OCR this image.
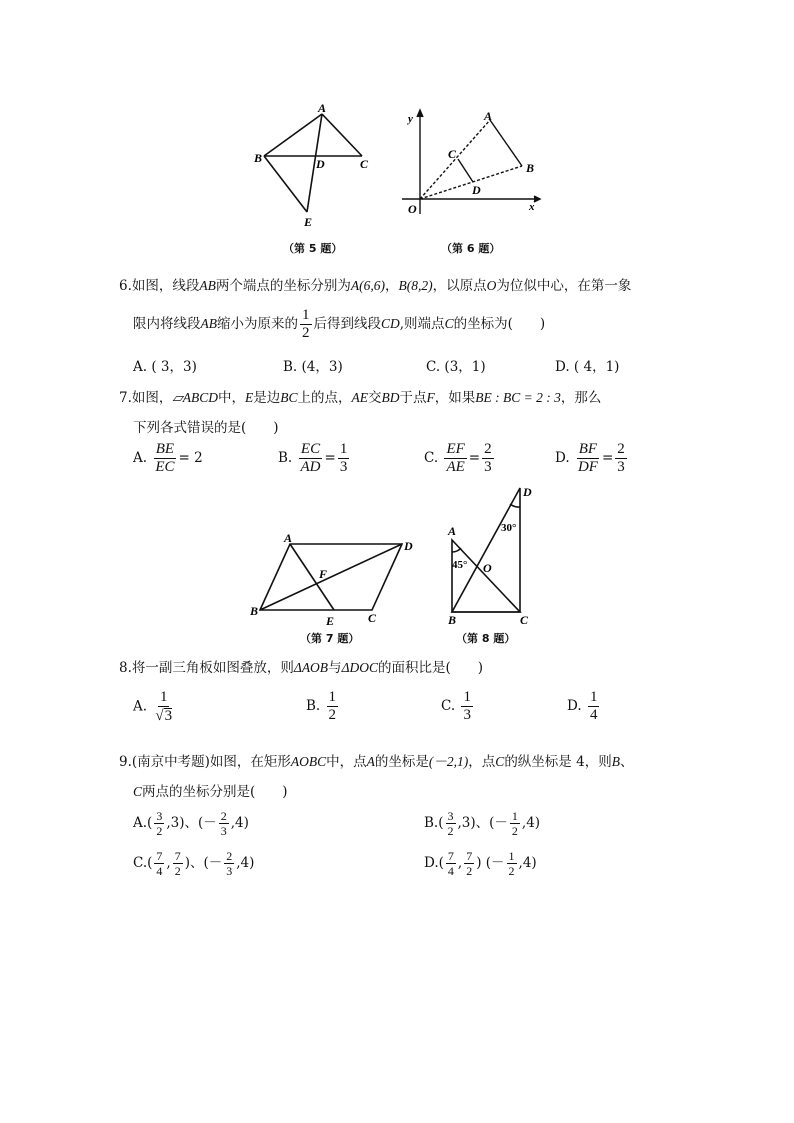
A
B	C
D
E
（第 5 题）
y
x
O
A
B
C
D
（第 6 题）
6.如图，线段AB两个端点的坐标分别为A(6,6)，B(8,2)，以原点O为位似中心，在第一象
限内将线段AB缩小为原来的 $\frac{1}{2}$ 后得到线段CD,则端点C的坐标为(　　)
A. ( 3，3)	B. (4，3)	C. (3，1)	D. ( 4，1)
7.如图，▱ABCD中，E是边BC上的点，AE交BD于点F，如果BE : BC = 2 : 3，那么
下列各式错误的是(　　)
A. $\frac{BE}{EC} = 2$	B. $\frac{EC}{AD} = \frac{1}{3}$	C. $\frac{EF}{AE} = \frac{2}{3}$	D. $\frac{BF}{DF} = \frac{2}{3}$
A
D
B	C
E
F
（第 7 题）
A
B	C
D
O
45°
30°
（第 8 题）
8.将一副三角板如图叠放，则ΔAOB与ΔDOC的面积比是(　　)
A. $\frac{1}{√3}$	B. $\frac{1}{2}$	C. $\frac{1}{3}$	D. $\frac{1}{4}$
9.(南京中考题)如图，在矩形AOBC中，点A的坐标是(－2,1)，点C的纵坐标是 4，则B、
C两点的坐标分别是(　　)
$A.( \frac{3}{2} ,3)$、(－ $\frac{2}{3} ,4$)	$B.( \frac{3}{2} ,3)$、(－ $\frac{1}{2} ,4$)
$C.( \frac{7}{4}$ , $\frac{7}{2}$ )、(－ $\frac{2}{3} ,4$)	$D.( \frac{7}{4}$ , $\frac{7}{2}$ ) (－ $\frac{1}{2} ,4$)
